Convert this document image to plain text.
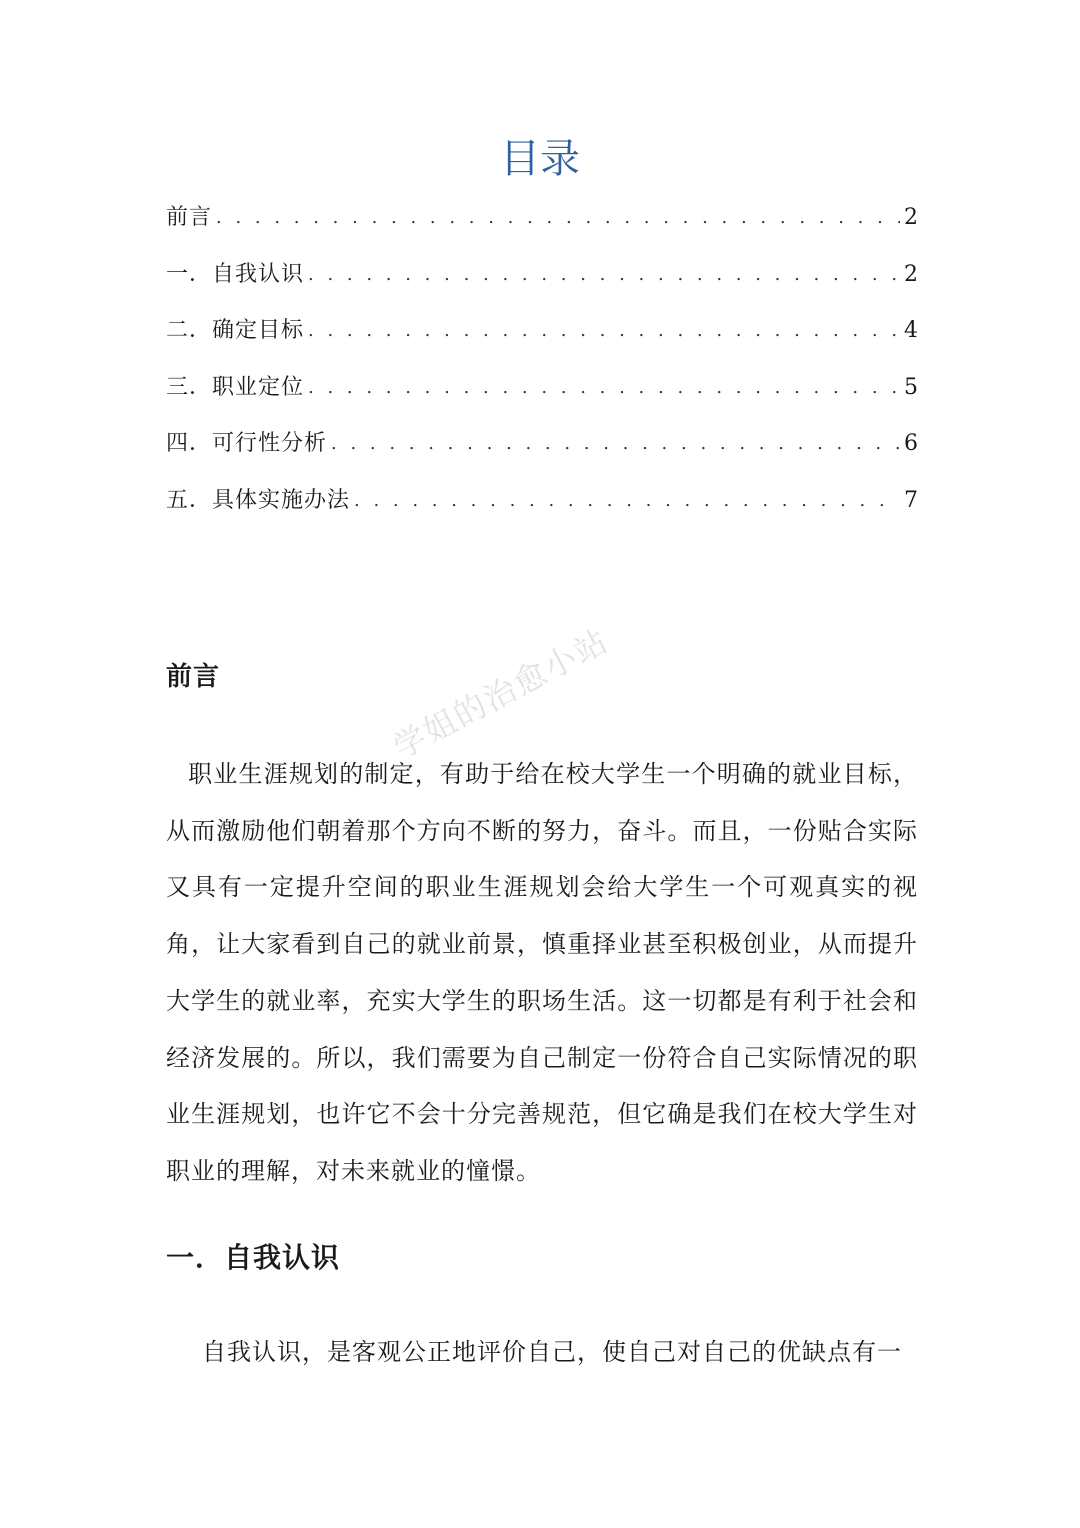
目录
前言 . . .	2
一．自我认识 . . .	2
二．确定目标 . . .	4
三．职业定位 . . .	5
四．可行性分析 . . .	6
五．具体实施办法 . . .	7
前言

职业生涯规划的制定，有助于给在校大学生一个明确的就业目标，从而激励他们朝着那个方向不断的努力，奋斗。而且，一份贴合实际又具有一定提升空间的职业生涯规划会给大学生一个可观真实的视角，让大家看到自己的就业前景，慎重择业甚至积极创业，从而提升大学生的就业率，充实大学生的职场生活。这一切都是有利于社会和经济发展的。所以，我们需要为自己制定一份符合自己实际情况的职业生涯规划，也许它不会十分完善规范，但它确是我们在校大学生对职业的理解，对未来就业的憧憬。

一．自我认识

自我认识，是客观公正地评价自己，使自己对自己的优缺点有一

学姐的治愈小站
